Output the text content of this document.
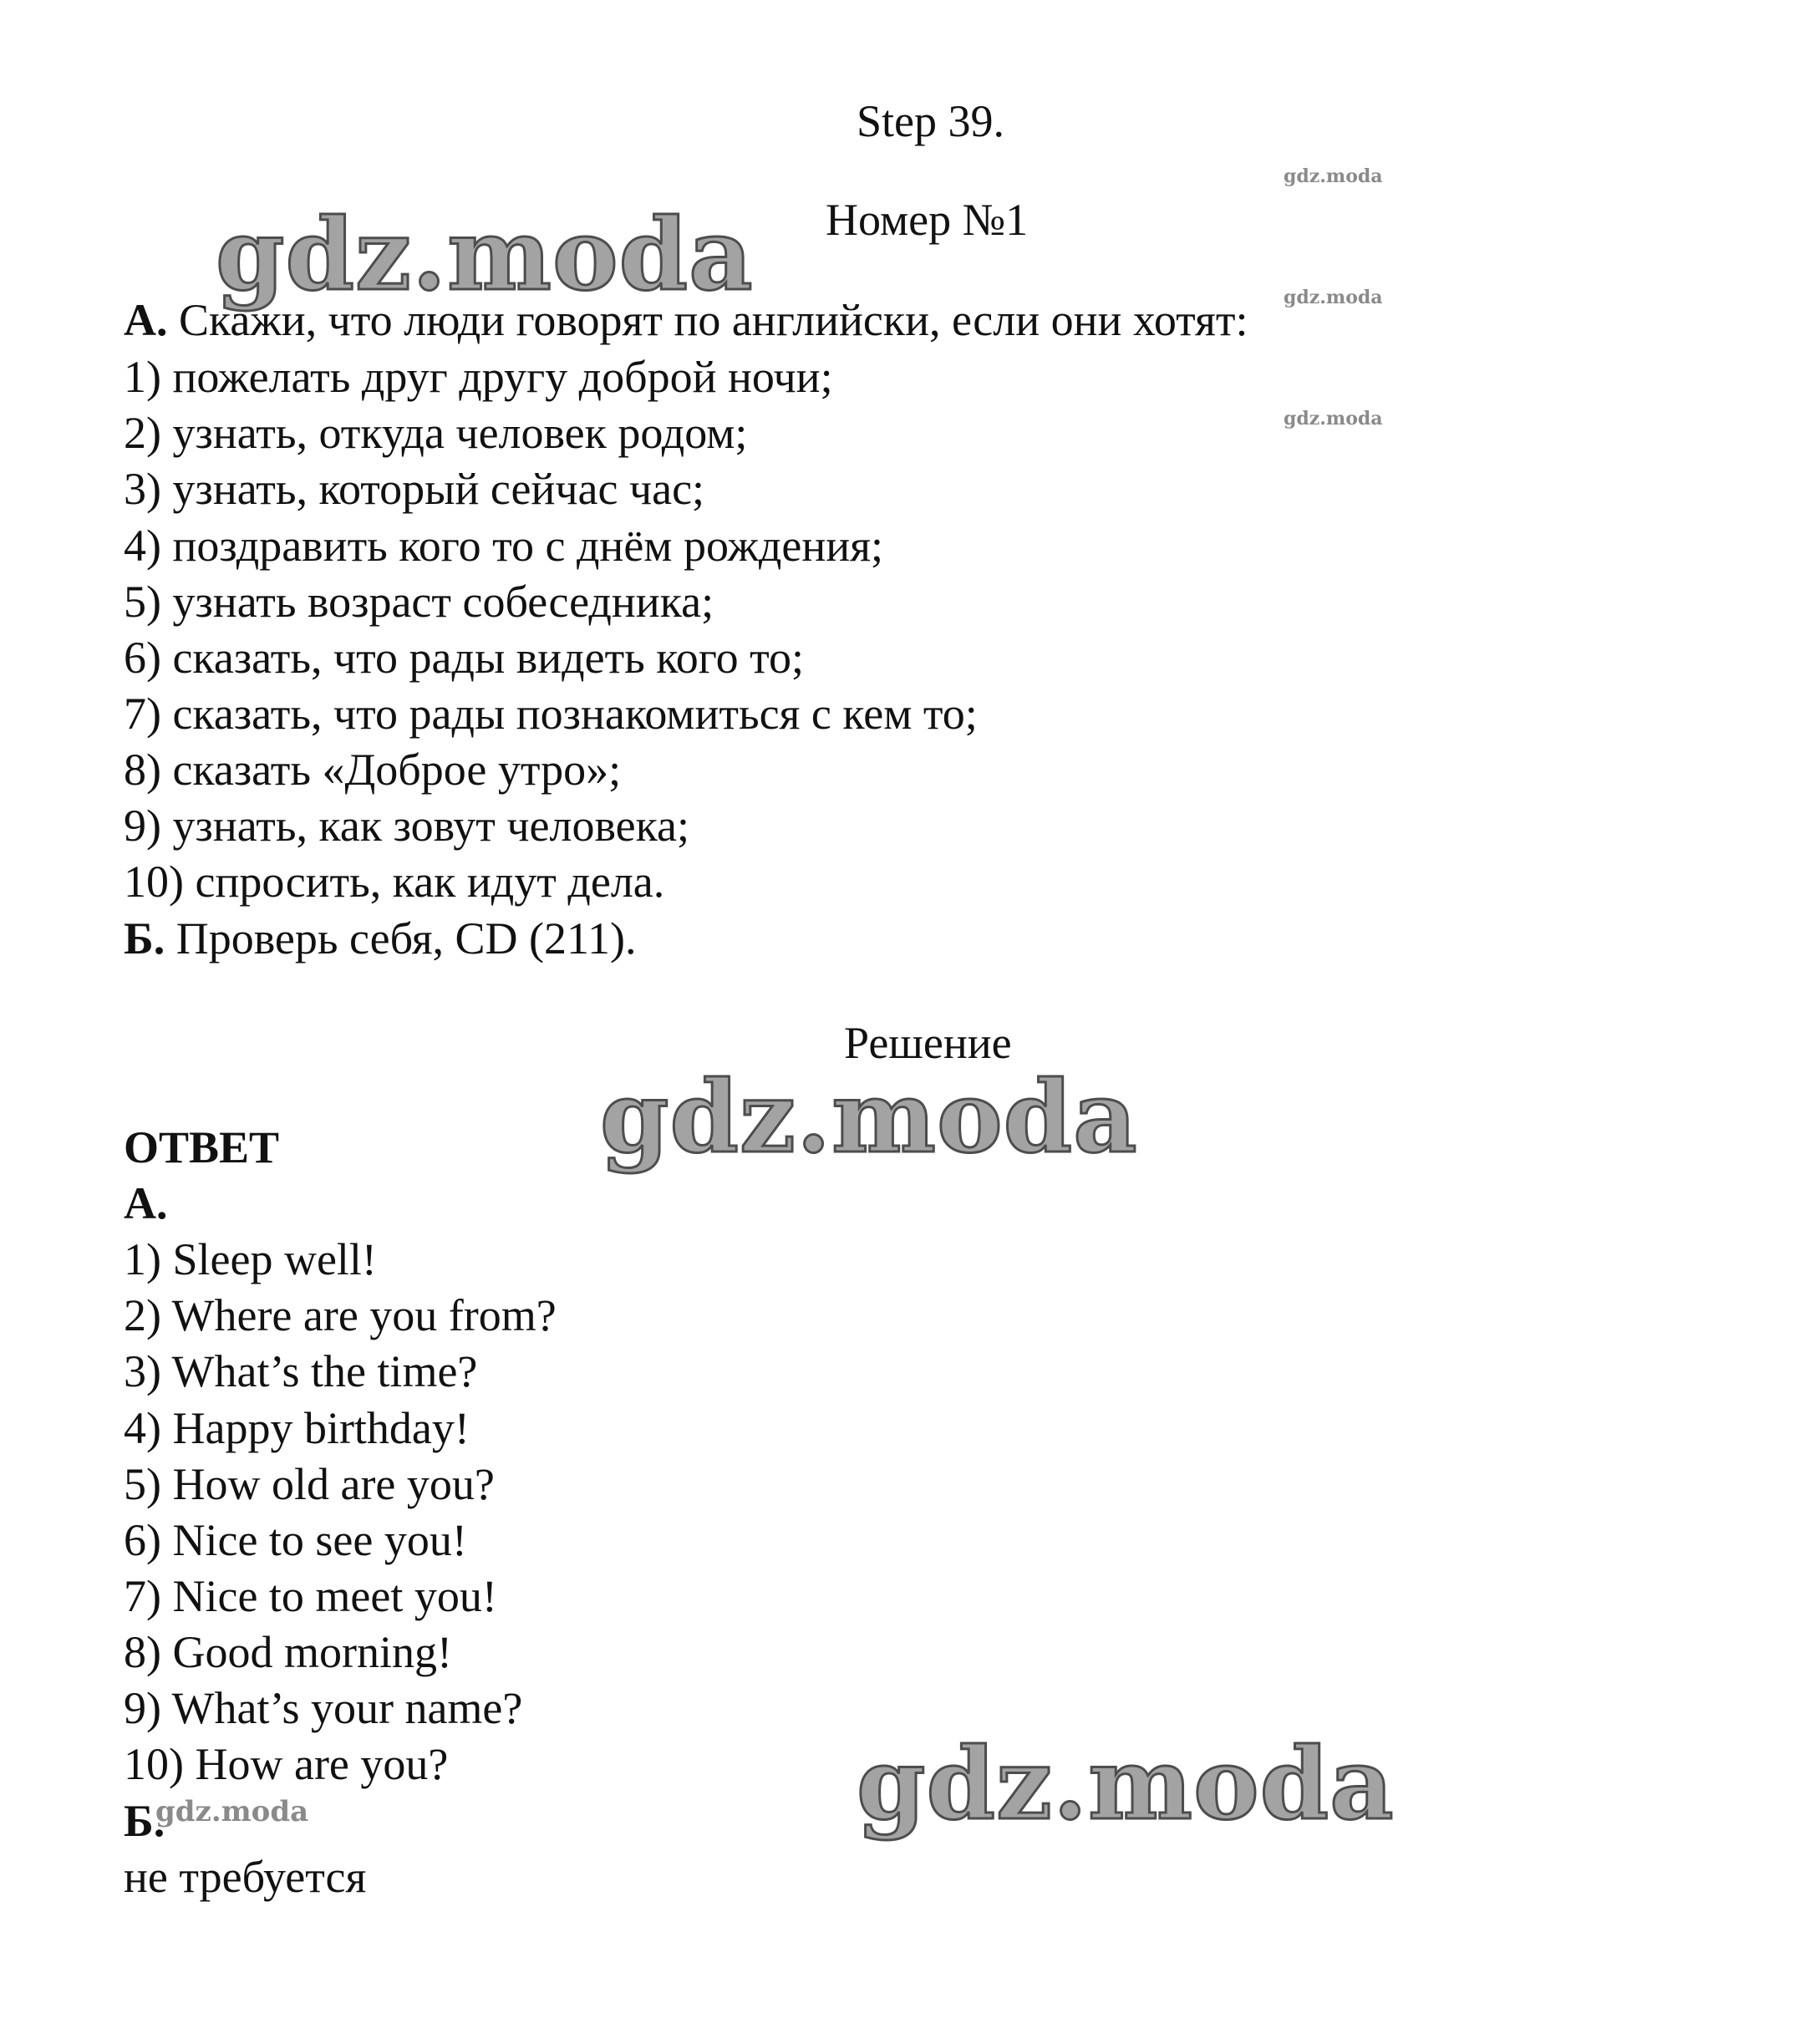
Step 39.
Номер №1
А. Скажи, что люди говорят по английски, если они хотят:
1) пожелать друг другу доброй ночи;
2) узнать, откуда человек родом;
3) узнать, который сейчас час;
4) поздравить кого то с днём рождения;
5) узнать возраст собеседника;
6) сказать, что рады видеть кого то;
7) сказать, что рады познакомиться с кем то;
8) сказать «Доброе утро»;
9) узнать, как зовут человека;
10) спросить, как идут дела.
Б. Проверь себя, CD (211).
Решение
ОТВЕТ
А.
1) Sleep well!
2) Where are you from?
3) What’s the time?
4) Happy birthday!
5) How old are you?
6) Nice to see you!
7) Nice to meet you!
8) Good morning!
9) What’s your name?
10) How are you?
Б.
не требуется
gdz.moda
gdz.moda
gdz.moda
gdz.moda
gdz.moda
gdz.moda
gdz.moda
